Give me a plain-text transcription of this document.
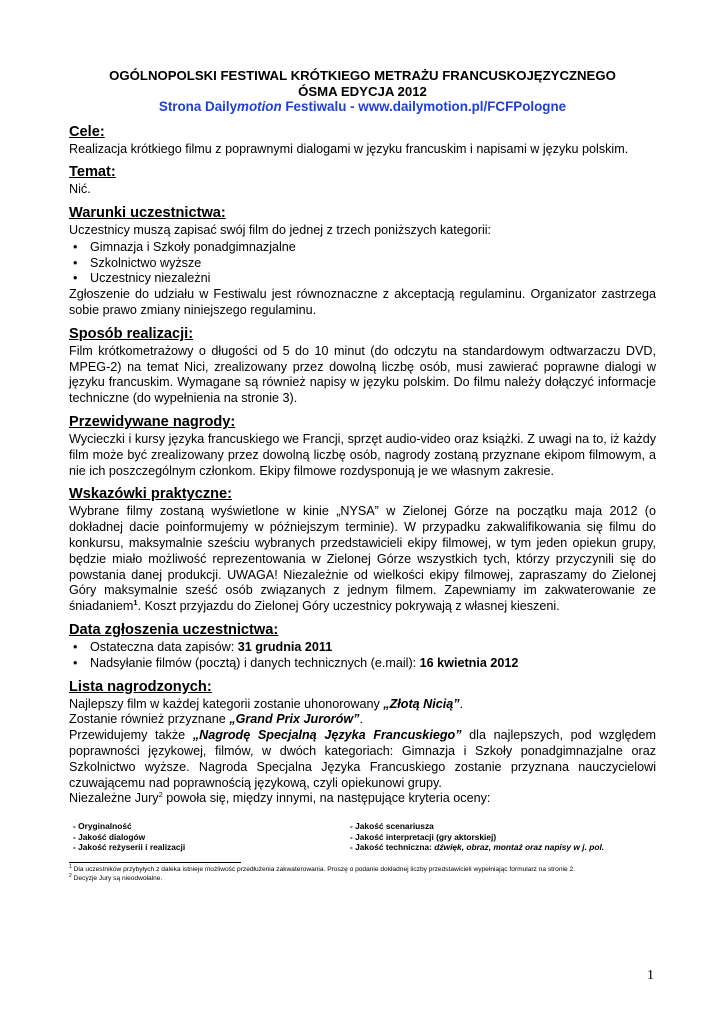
OGÓLNOPOLSKI FESTIWAL KRÓTKIEGO METRAŻU FRANCUSKOJĘZYCZNEGO
ÓSMA EDYCJA 2012
Strona Dailymotion Festiwalu - www.dailymotion.pl/FCFPologne
Cele:

Realizacja krótkiego filmu z poprawnymi dialogami w języku francuskim i napisami w języku polskim.

Temat:

Nić.

Warunki uczestnictwa:

Uczestnicy muszą zapisać swój film do jednej z trzech poniższych kategorii:

• Gimnazja i Szkoły ponadgimnazjalne
• Szkolnictwo wyższe
• Uczestnicy niezależni

Zgłoszenie do udziału w Festiwalu jest równoznaczne z akceptacją regulaminu. Organizator zastrzega sobie prawo zmiany niniejszego regulaminu.

Sposób realizacji:

Film krótkometrażowy o długości od 5 do 10 minut (do odczytu na standardowym odtwarzaczu DVD, MPEG-2) na temat Nici, zrealizowany przez dowolną liczbę osób, musi zawierać poprawne dialogi w języku francuskim. Wymagane są również napisy w języku polskim. Do filmu należy dołączyć informacje techniczne (do wypełnienia na stronie 3).

Przewidywane nagrody:

Wycieczki i kursy języka francuskiego we Francji, sprzęt audio-video oraz książki. Z uwagi na to, iż każdy film może być zrealizowany przez dowolną liczbę osób, nagrody zostaną przyznane ekipom filmowym, a nie ich poszczególnym członkom. Ekipy filmowe rozdysponują je we własnym zakresie.

Wskazówki praktyczne:

Wybrane filmy zostaną wyświetlone w kinie „NYSA” w Zielonej Górze na początku maja 2012 (o dokładnej dacie poinformujemy w późniejszym terminie). W przypadku zakwalifikowania się filmu do konkursu, maksymalnie sześciu wybranych przedstawicieli ekipy filmowej, w tym jeden opiekun grupy, będzie miało możliwość reprezentowania w Zielonej Górze wszystkich tych, którzy przyczynili się do powstania danej produkcji. UWAGA! Niezależnie od wielkości ekipy filmowej, zapraszamy do Zielonej Góry maksymalnie sześć osób związanych z jednym filmem. Zapewniamy im zakwaterowanie ze śniadaniem$^1$. Koszt przyjazdu do Zielonej Góry uczestnicy pokrywają z własnej kieszeni.

Data zgłoszenia uczestnictwa:
• Ostateczna data zapisów: 31 grudnia 2011
• Nadsyłanie filmów (pocztą) i danych technicznych (e.mail): 16 kwietnia 2012
Lista nagrodzonych:

Najlepszy film w każdej kategorii zostanie uhonorowany „Złotą Nicią”.

Zostanie również przyznane „Grand Prix Jurorów”.

Przewidujemy także „Nagrodę Specjalną Języka Francuskiego” dla najlepszych, pod względem poprawności językowej, filmów, w dwóch kategoriach: Gimnazja i Szkoły ponadgimnazjalne oraz Szkolnictwo wyższe. Nagroda Specjalna Języka Francuskiego zostanie przyznana nauczycielowi czuwającemu nad poprawnością językową, czyli opiekunowi grupy.

Niezależne Jury$^2$ powoła się, między innymi, na następujące kryteria oceny:

- Oryginalność
- Jakość dialogów
- Jakość reżyserii i realizacji
- Jakość scenariusza
- Jakość interpretacji (gry aktorskiej)
- Jakość techniczna: dźwięk, obraz, montaż oraz napisy w j. pol.
$^1$ Dla uczestników przybyłych z daleka istnieje możliwość przedłużenia zakwaterowania. Proszę o podanie dokładnej liczby przedstawicieli wypełniając formularz na stronie 2.
$^2$ Decyzje Jury są nieodwołalne.
1
